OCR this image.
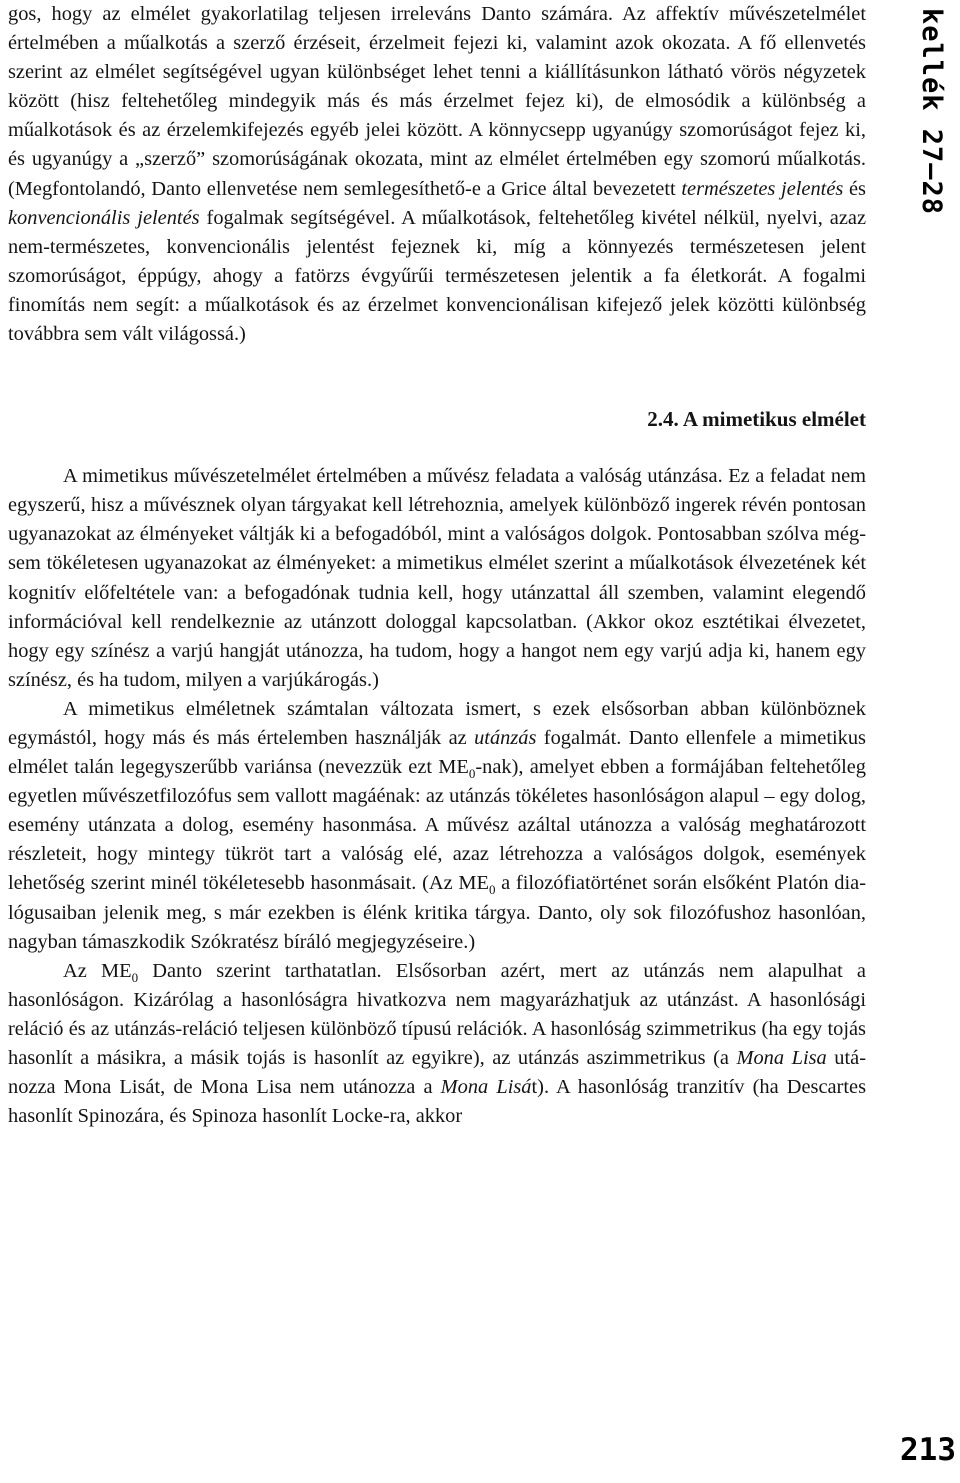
kellék 27–28

gos, hogy az elmélet gyakorlatilag teljesen irreleváns Danto számára. Az affektív művészetelmélet értelmében a műalkotás a szerző érzéseit, érzelmeit fejezi ki, valamint azok okozata. A fő ellenvetés szerint az elmélet segítségével ugyan különbséget lehet tenni a kiállításunkon látható vörös négyzetek között (hisz feltehetőleg mindegyik más és más érzelmet fejez ki), de elmosódik a különbség a műalkotások és az érzelemkifejezés egyéb jelei között. A könnycsepp ugyanúgy szomorúságot fejez ki, és ugyanúgy a „szerző” szomorúságának okozata, mint az elmélet értelmében egy szomorú műalkotás. (Megfontolandó, Danto ellenvetése nem semlegesíthető-e a Grice által bevezetett természetes jelentés és konvencionális jelentés fogalmak segítségével. A műalkotások, feltehetőleg kivétel nélkül, nyelvi, azaz nem-természetes, konvencionális jelentést fejeznek ki, míg a könnyezés természetesen jelent szomorúságot, éppúgy, ahogy a fatörzs évgyűrűi természetesen jelentik a fa életkorát. A fogalmi finomítás nem segít: a műalkotások és az érzelmet konvencionálisan kifejező jelek közötti különbség továbbra sem vált világossá.)

2.4. A mimetikus elmélet

A mimetikus művészetelmélet értelmében a művész feladata a valóság utánzása. Ez a feladat nem egyszerű, hisz a művésznek olyan tárgyakat kell létrehoznia, amelyek különböző ingerek révén pontosan ugyanazokat az élményeket váltják ki a befogadóból, mint a valóságos dolgok. Pontosabban szólva mégsem tökéletesen ugyanazokat az élményeket: a mimetikus elmélet szerint a műalkotások élvezetének két kognitív előfeltétele van: a befogadónak tudnia kell, hogy utánzattal áll szemben, valamint elegendő információval kell rendelkeznie az utánzott dologgal kapcsolatban. (Akkor okoz esztétikai élvezetet, hogy egy színész a varjú hangját utánozza, ha tudom, hogy a hangot nem egy varjú adja ki, hanem egy színész, és ha tudom, milyen a varjúkárogás.)

A mimetikus elméletnek számtalan változata ismert, s ezek elsősorban abban különböznek egymástól, hogy más és más értelemben használják az utánzás fogalmát. Danto ellenfele a mimetikus elmélet talán legegyszerűbb variánsa (nevezzük ezt $ME_0-nak$), amelyet ebben a formájában feltehetőleg egyetlen művészetfilozófus sem vallott magáénak: az utánzás tökéletes hasonlóságon alapul – egy dolog, esemény utánzata a dolog, esemény hasonmása. A művész azáltal utánozza a valóság meghatározott részleteit, hogy mintegy tükröt tart a valóság elé, azaz létrehozza a valóságos dolgok, események lehetőség szerint minél tökéletesebb hasonmásait. (Az $ME_0$ a filozófiatörténet során elsőként Platón dialógusaiban jelenik meg, s már ezekben is élénk kritika tárgya. Danto, oly sok filozófushoz hasonlóan, nagyban támaszkodik Szókratész bíráló megjegyzéseire.)

Az $ME_0$ Danto szerint tarthatatlan. Elsősorban azért, mert az utánzás nem alapulhat a hasonlóságon. Kizárólag a hasonlóságra hivatkozva nem magyarázhatjuk az utánzást. A hasonlósági reláció és az utánzás-reláció teljesen különböző típusú relációk. A hasonlóság szimmetrikus (ha egy tojás hasonlít a másikra, a másik tojás is hasonlít az egyikre), az utánzás aszimmetrikus (a Mona Lisa utánozza Mona Lisát, de Mona Lisa nem utánozza a Mona Lisát). A hasonlóság tranzitív (ha Descartes hasonlít Spinozára, és Spinoza hasonlít Locke-ra, akkor

213
